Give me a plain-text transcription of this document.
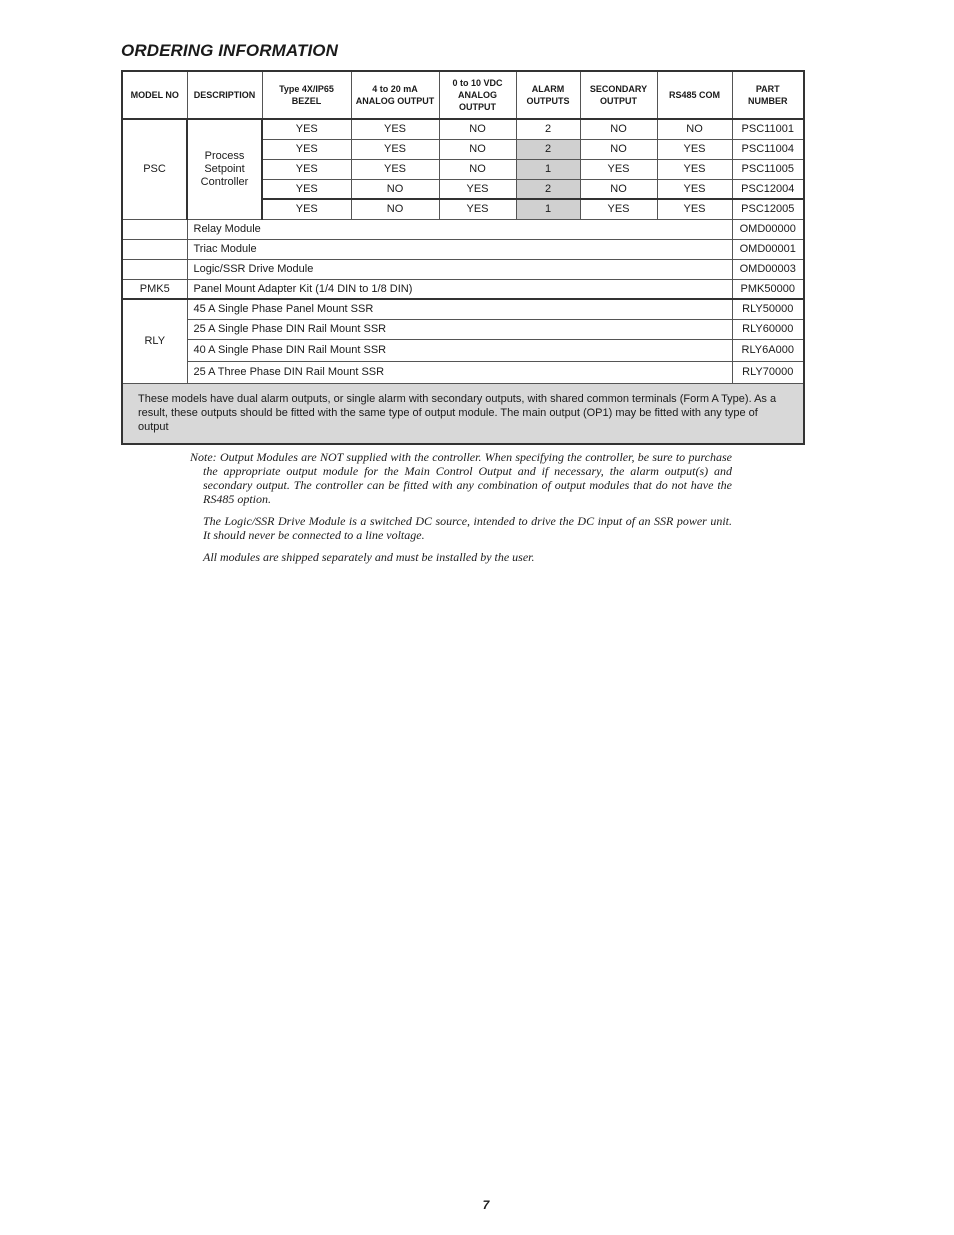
ORDERING INFORMATION
MODEL NO	DESCRIPTION	Type 4X/IP65 BEZEL	4 to 20 mA ANALOG OUTPUT	0 to 10 VDC ANALOG OUTPUT	ALARM OUTPUTS	SECONDARY OUTPUT	RS485 COM	PART NUMBER
PSC	Process Setpoint Controller	YES	YES	NO	2	NO	NO	PSC11001
		YES	YES	NO	2	NO	YES	PSC11004
		YES	YES	NO	1	YES	YES	PSC11005
		YES	NO	YES	2	NO	YES	PSC12004
		YES	NO	YES	1	YES	YES	PSC12005
	Relay Module							OMD00000
	Triac Module							OMD00001
	Logic/SSR Drive Module							OMD00003
PMK5	Panel Mount Adapter Kit (1/4 DIN to 1/8 DIN)							PMK50000
RLY	45 A Single Phase Panel Mount SSR							RLY50000
	25 A Single Phase DIN Rail Mount SSR							RLY60000
	40 A Single Phase DIN Rail Mount SSR							RLY6A000
	25 A Three Phase DIN Rail Mount SSR							RLY70000
These models have dual alarm outputs, or single alarm with secondary outputs, with shared common terminals (Form A Type). As a result, these outputs should be fitted with the same type of output module. The main output (OP1) may be fitted with any type of output								

Note: Output Modules are NOT supplied with the controller. When specifying the controller, be sure to purchase the appropriate output module for the Main Control Output and if necessary, the alarm output(s) and secondary output. The controller can be fitted with any combination of output modules that do not have the RS485 option.

The Logic/SSR Drive Module is a switched DC source, intended to drive the DC input of an SSR power unit. It should never be connected to a line voltage.

All modules are shipped separately and must be installed by the user.

7
